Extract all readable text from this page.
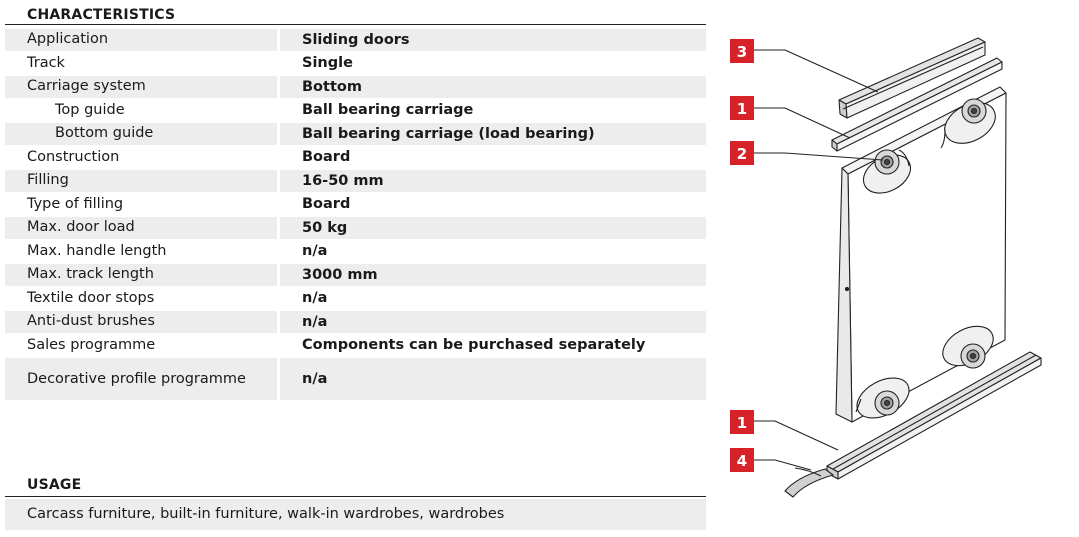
CHARACTERISTICS
Application	Sliding doors
Track	Single
Carriage system	Bottom
Top guide	Ball bearing carriage
Bottom guide	Ball bearing carriage (load bearing)
Construction	Board
Filling	16-50 mm
Type of filling	Board
Max. door load	50 kg
Max. handle length	n/a
Max. track length	3000 mm
Textile door stops	n/a
Anti-dust brushes	n/a
Sales programme	Components can be purchased separately
Decorative profile programme	n/a
USAGE
Carcass furniture, built-in furniture, walk-in wardrobes, wardrobes
3
1
2
1
4
